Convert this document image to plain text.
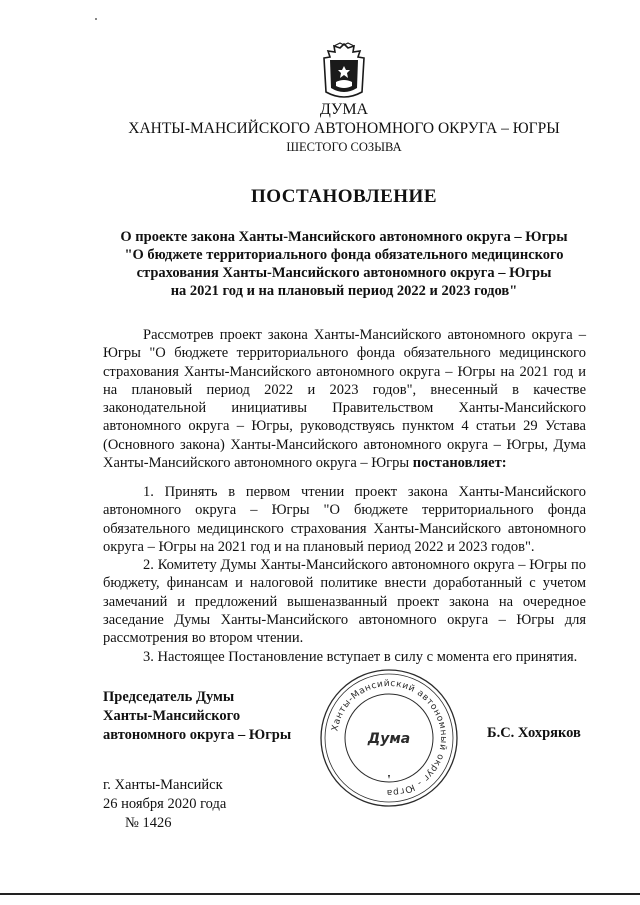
ДУМА
ХАНТЫ-МАНСИЙСКОГО АВТОНОМНОГО ОКРУГА – ЮГРЫ
ШЕСТОГО СОЗЫВА
ПОСТАНОВЛЕНИЕ
О проекте закона Ханты-Мансийского автономного округа – Югры
"О бюджете территориального фонда обязательного медицинского
страхования Ханты-Мансийского автономного округа – Югры
на 2021 год и на плановый период 2022 и 2023 годов"

Рассмотрев проект закона Ханты-Мансийского автономного округа – Югры "О бюджете территориального фонда обязательного медицинского страхования Ханты-Мансийского автономного округа – Югры на 2021 год и на плановый период 2022 и 2023 годов", внесенный в качестве законодательной инициативы Правительством Ханты-Мансийского автономного округа – Югры, руководствуясь пунктом 4 статьи 29 Устава (Основного закона) Ханты-Мансийского автономного округа – Югры, Дума Ханты-Мансийского автономного округа – Югры постановляет:

1. Принять в первом чтении проект закона Ханты-Мансийского автономного округа – Югры "О бюджете территориального фонда обязательного медицинского страхования Ханты-Мансийского автономного округа – Югры на 2021 год и на плановый период 2022 и 2023 годов".

2. Комитету Думы Ханты-Мансийского автономного округа – Югры по бюджету, финансам и налоговой политике внести доработанный с учетом замечаний и предложений вышеназванный проект закона на очередное заседание Думы Ханты-Мансийского автономного округа – Югры для рассмотрения во втором чтении.

3. Настоящее Постановление вступает в силу с момента его принятия.

Председатель Думы
Ханты-Мансийского
автономного округа – Югры	Ханты-Мансийский автономный округ - Югра
Дума	Б.С. Хохряков
г. Ханты-Мансийск
26 ноября 2020 года
№ 1426
